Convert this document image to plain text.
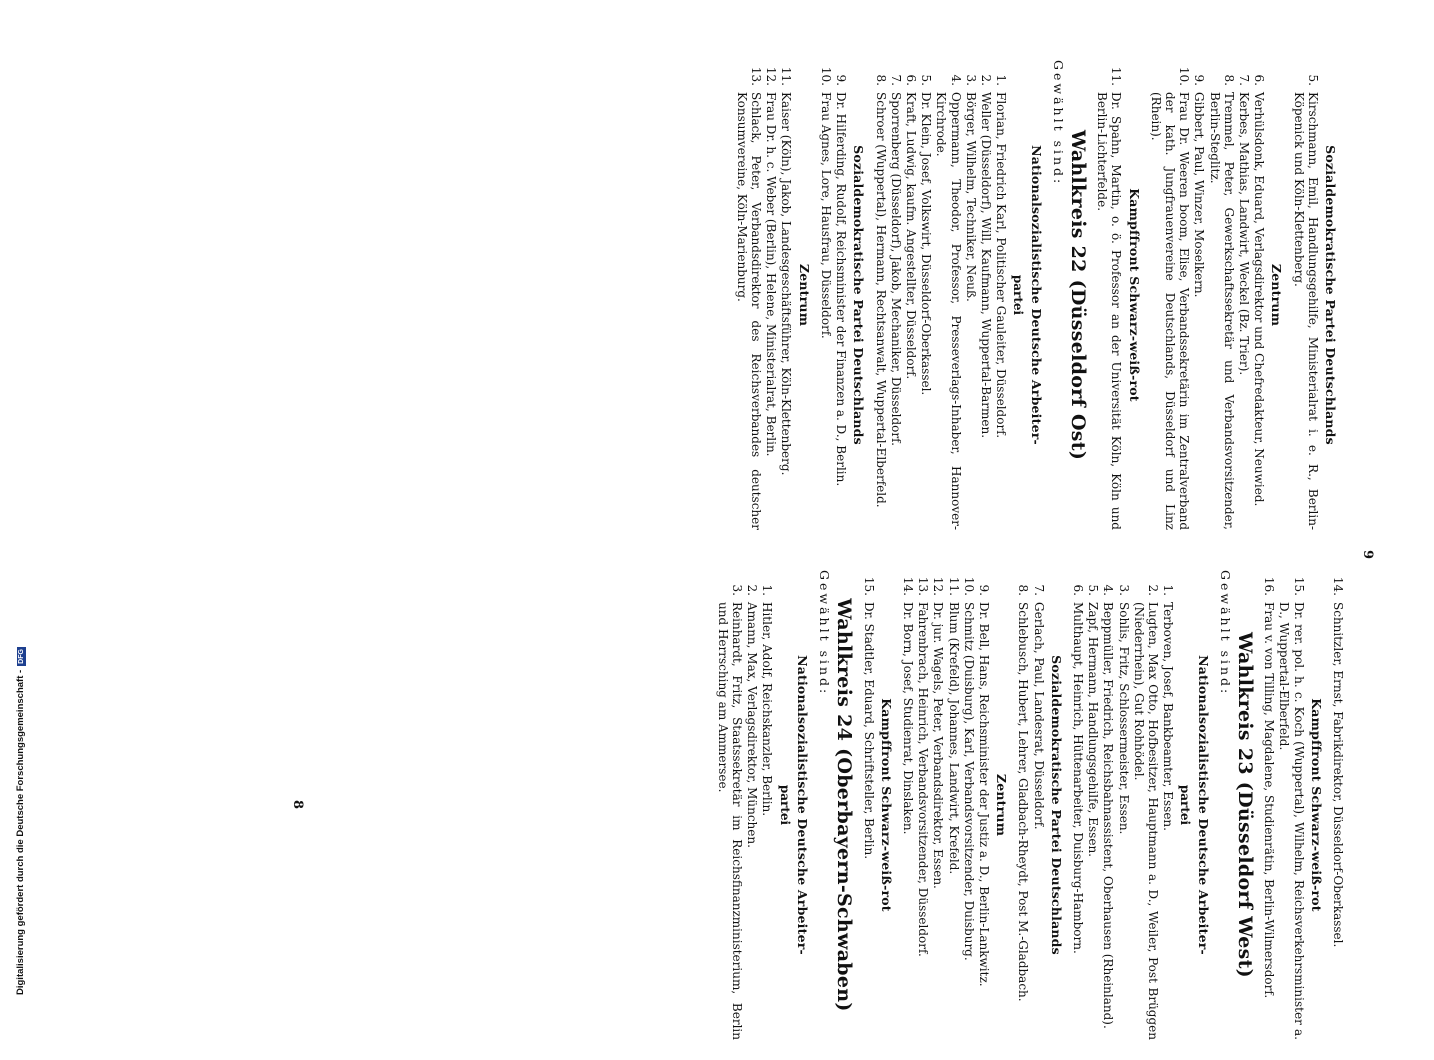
Sozialdemokratische Partei Deutschlands
5.
Kirschmann, Emil, Handlungsgehilfe, Ministerialrat i. e. R., Berlin-Köpenick und Köln-Klettenberg.
Zentrum
6.
Verhülsdonk, Eduard, Verlagsdirektor und Chefredakteur, Neuwied.
7.
Kerbes, Mathias, Landwirt, Weckel (Bz. Trier).
8.
Tremmel, Peter, Gewerkschaftssekretär und Verbandsvorsitzender, Berlin-Steglitz.
9.
Gibbert, Paul, Winzer, Moselkern.
10.
Frau Dr. Weeren boom, Elise, Verbandssekretärin im Zentralverband der kath. Jungfrauenvereine Deutschlands, Düsseldorf und Linz (Rhein).
Kampffront Schwarz-weiß-rot
11.
Dr. Spahn, Martin, o. ö. Professor an der Universität Köln, Köln und Berlin-Lichterfelde.
Wahlkreis 22 (Düsseldorf Ost)
Gewählt sind:
Nationalsozialistische Deutsche Arbeiter-
partei
1.
Florian, Friedrich Karl, Politischer Gauleiter, Düsseldorf.
2.
Weller (Düsseldorf), Will, Kaufmann, Wuppertal-Barmen.
3.
Börger, Wilhelm, Techniker, Neuß.
4.
Oppermann, Theodor, Professor, Presseverlags-Inhaber, Hannover-Kirchrode.
5.
Dr. Klein, Josef, Volkswirt, Düsseldorf-Oberkassel.
6.
Kraft, Ludwig, kaufm. Angestellter, Düsseldorf.
7.
Sporrenberg (Düsseldorf), Jakob, Mechaniker, Düsseldorf.
8.
Schroer (Wuppertal), Hermann, Rechtsanwalt, Wuppertal-Elberfeld.
Sozialdemokratische Partei Deutschlands
9.
Dr. Hilferding, Rudolf, Reichsminister der Finanzen a. D., Berlin.
10.
Frau Agnes, Lore, Hausfrau, Düsseldorf.
Zentrum
11.
Kaiser (Köln), Jakob, Landesgeschäftsführer, Köln-Klettenberg.
12.
Frau Dr. h. c. Weber (Berlin), Helene, Ministerialrat, Berlin.
13.
Schlack, Peter, Verbandsdirektor des Reichsverbandes deutscher Konsumvereine, Köln-Marienburg.
14.
Schnitzler, Ernst, Fabrikdirektor, Düsseldorf-Oberkassel.
Kampffront Schwarz-weiß-rot
15.
Dr. rer. pol. h. c. Koch (Wuppertal), Wilhelm, Reichsverkehrsminister a. D., Wuppertal-Elberfeld.
16.
Frau v. von Tilling, Magdalene, Studienrätin, Berlin-Wilmersdorf.
Wahlkreis 23 (Düsseldorf West)
Gewählt sind:
Nationalsozialistische Deutsche Arbeiter-
partei
1.
Terboven, Josef, Bankbeamter, Essen.
2.
Lugten, Max Otto, Hofbesitzer, Hauptmann a. D., Weiler, Post Brüggen (Niederrhein), Gut Rohhödel.
3.
Sohlis, Fritz, Schlossermeister, Essen.
4.
Beppmüller, Friedrich, Reichsbahnassistent, Oberhausen (Rheinland).
5.
Zapf, Hermann, Handlungsgehilfe, Essen.
6.
Multhaupt, Heinrich, Hüttenarbeiter, Duisburg-Hamborn.
Sozialdemokratische Partei Deutschlands
7.
Gerlach, Paul, Landesrat, Düsseldorf.
8.
Schlebusch, Hubert, Lehrer, Gladbach-Rheydt, Post M.-Gladbach.
Zentrum
9.
Dr. Bell, Hans, Reichsminister der Justiz a. D., Berlin-Lankwitz.
10.
Schmitz (Duisburg), Karl, Verbandsvorsitzender, Duisburg.
11.
Blum (Krefeld), Johannes, Landwirt, Krefeld.
12.
Dr. jur. Wagels, Peter, Verbandsdirektor, Essen.
13.
Fahrenbrach, Heinrich, Verbandsvorsitzender, Düsseldorf.
14.
Dr. Born, Josef, Studienrat, Dinslaken.
Kampffront Schwarz-weiß-rot
15.
Dr. Stadtler, Eduard, Schriftsteller, Berlin.
Wahlkreis 24 (Oberbayern-Schwaben)
Gewählt sind:
Nationalsozialistische Deutsche Arbeiter-
partei
1.
Hitler, Adolf, Reichskanzler, Berlin.
2.
Amann, Max, Verlagsdirektor, München.
3.
Reinhardt, Fritz, Staatssekretär im Reichsfinanzministerium, Berlin und Herrsching am Ammersee.
9
8
Digitalisierung gefördert durch die Deutsche Forschungsgemeinschaft -DFG
